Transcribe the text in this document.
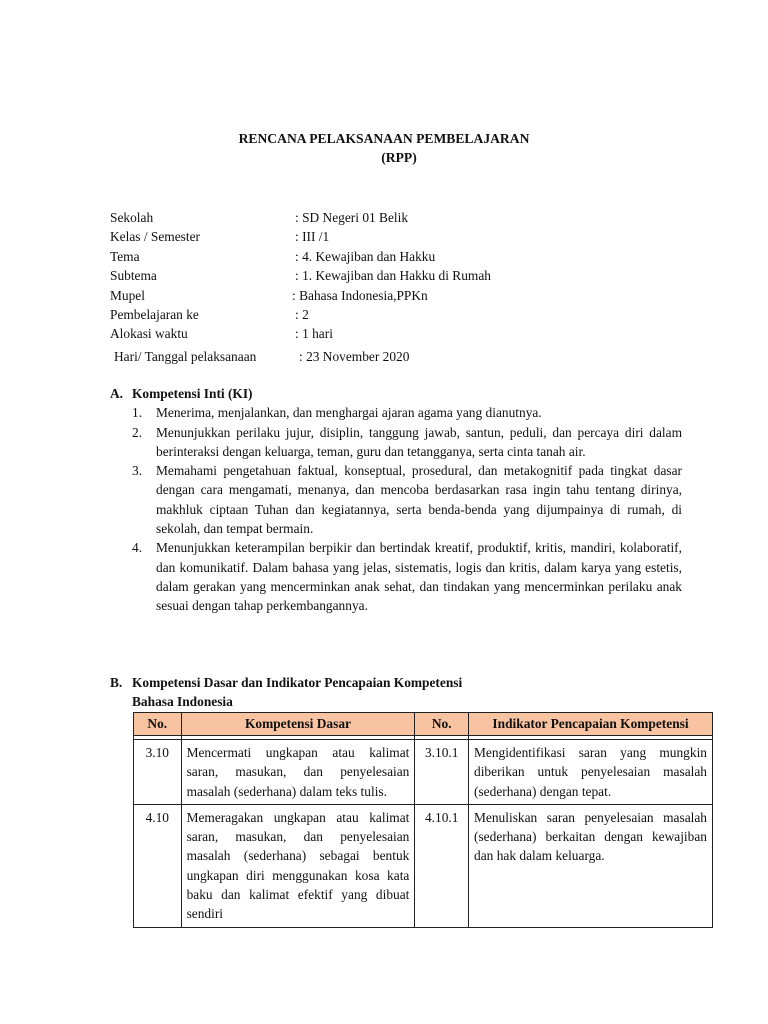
RENCANA PELAKSANAAN PEMBELAJARAN
(RPP)
Sekolah	: SD Negeri 01 Belik
Kelas / Semester	: III /1
Tema	: 4. Kewajiban dan Hakku
Subtema	: 1. Kewajiban dan Hakku di Rumah
Mupel	: Bahasa Indonesia,PPKn
Pembelajaran ke	: 2
Alokasi waktu	: 1 hari
Hari/ Tanggal pelaksanaan	: 23 November 2020
A. Kompetensi Inti (KI)
1. Menerima, menjalankan, dan menghargai ajaran agama yang dianutnya.
2. Menunjukkan perilaku jujur, disiplin, tanggung jawab, santun, peduli, dan percaya diri dalam berinteraksi dengan keluarga, teman, guru dan tetangganya, serta cinta tanah air.
3. Memahami pengetahuan faktual, konseptual, prosedural, dan metakognitif pada tingkat dasar dengan cara mengamati, menanya, dan mencoba berdasarkan rasa ingin tahu tentang dirinya, makhluk ciptaan Tuhan dan kegiatannya, serta benda-benda yang dijumpainya di rumah, di sekolah, dan tempat bermain.
4. Menunjukkan keterampilan berpikir dan bertindak kreatif, produktif, kritis, mandiri, kolaboratif, dan komunikatif. Dalam bahasa yang jelas, sistematis, logis dan kritis, dalam karya yang estetis, dalam gerakan yang mencerminkan anak sehat, dan tindakan yang mencerminkan perilaku anak sesuai dengan tahap perkembangannya.
B. Kompetensi Dasar dan Indikator Pencapaian Kompetensi
Bahasa Indonesia
No.	Kompetensi Dasar	No.	Indikator Pencapaian Kompetensi

3.10	Mencermati ungkapan atau kalimat saran, masukan, dan penyelesaian masalah (sederhana) dalam teks tulis.	3.10.1	Mengidentifikasi saran yang mungkin diberikan untuk penyelesaian masalah (sederhana) dengan tepat.
4.10	Memeragakan ungkapan atau kalimat saran, masukan, dan penyelesaian masalah (sederhana) sebagai bentuk ungkapan diri menggunakan kosa kata baku dan kalimat efektif yang dibuat sendiri	4.10.1	Menuliskan saran penyelesaian masalah (sederhana) berkaitan dengan kewajiban dan hak dalam keluarga.
